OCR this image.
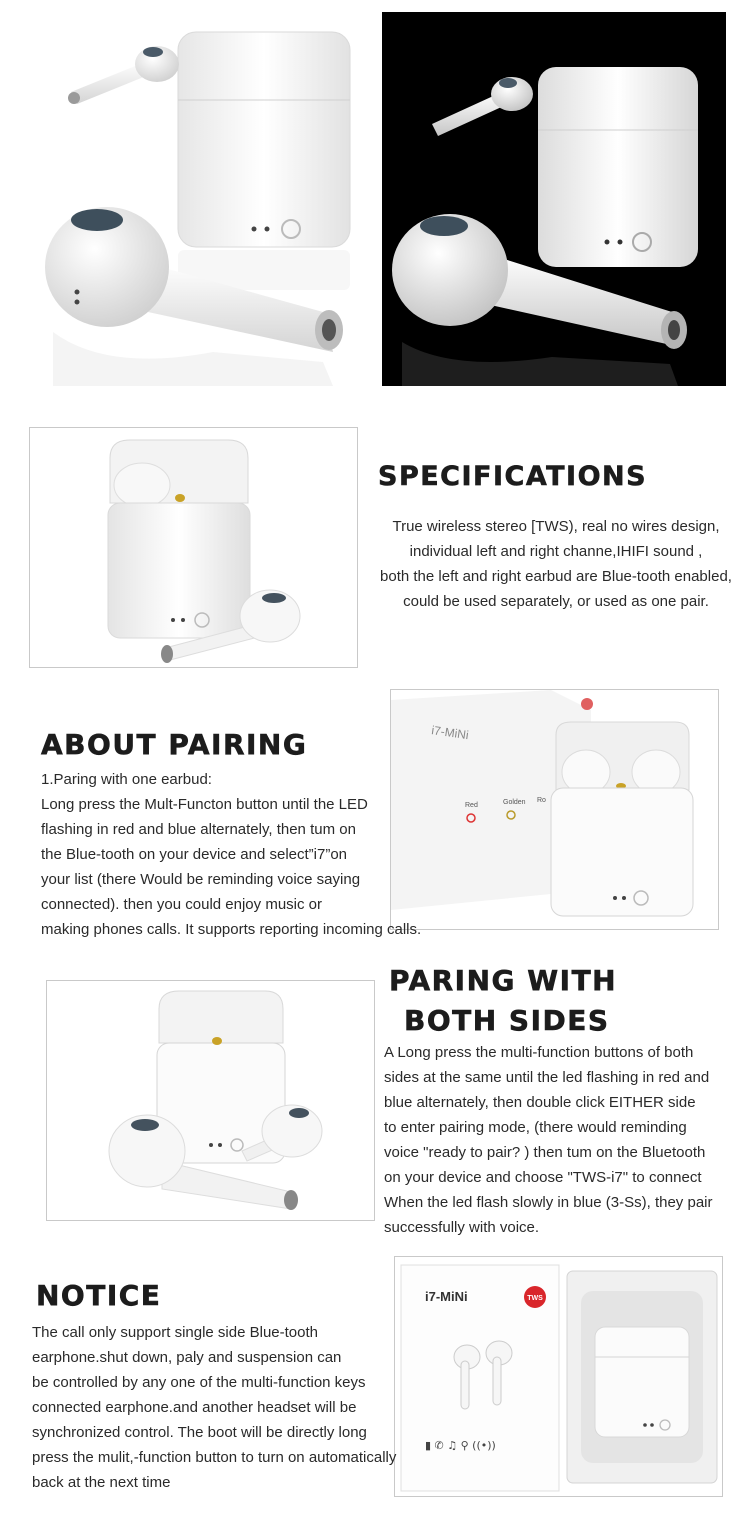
SPECIFICATIONS
True wireless stereo [TWS), real no wires design,
individual left and right channe,IHIFI sound ,
both the left and right earbud are Blue-tooth enabled,
could be used separately, or used as one pair.
i7-MiNi
Red	Golden Ro
ABOUT PAIRING
1.Paring with one earbud:
Long press the Mult-Functon button until the LED
flashing in red and blue alternately, then tum on
the Blue-tooth on your device and select”i7”on
your list (there Would be reminding voice saying
connected). then you could enjoy music or
making phones calls. It supports reporting incoming calls.
PARING WITH
BOTH SIDES
A Long press the multi-function buttons of both
sides at the same until the led flashing in red and
blue alternately, then double click EITHER side
to enter pairing mode, (there would reminding
voice "ready to pair? ) then tum on the Bluetooth
on your device and choose "TWS-i7" to connect
When the led flash slowly in blue (3-Ss), they pair
successfully with voice.
i7-MiNi	TWS
▮ ✆ ♫ ⚲ ((•))
NOTICE
The call only support single side Blue-tooth
earphone.shut down, paly and suspension can
be controlled by any one of the multi-function keys
connected earphone.and another headset will be
synchronized control. The boot will be directly long
press the mulit,-function button to turn on automatically
back at the next time
